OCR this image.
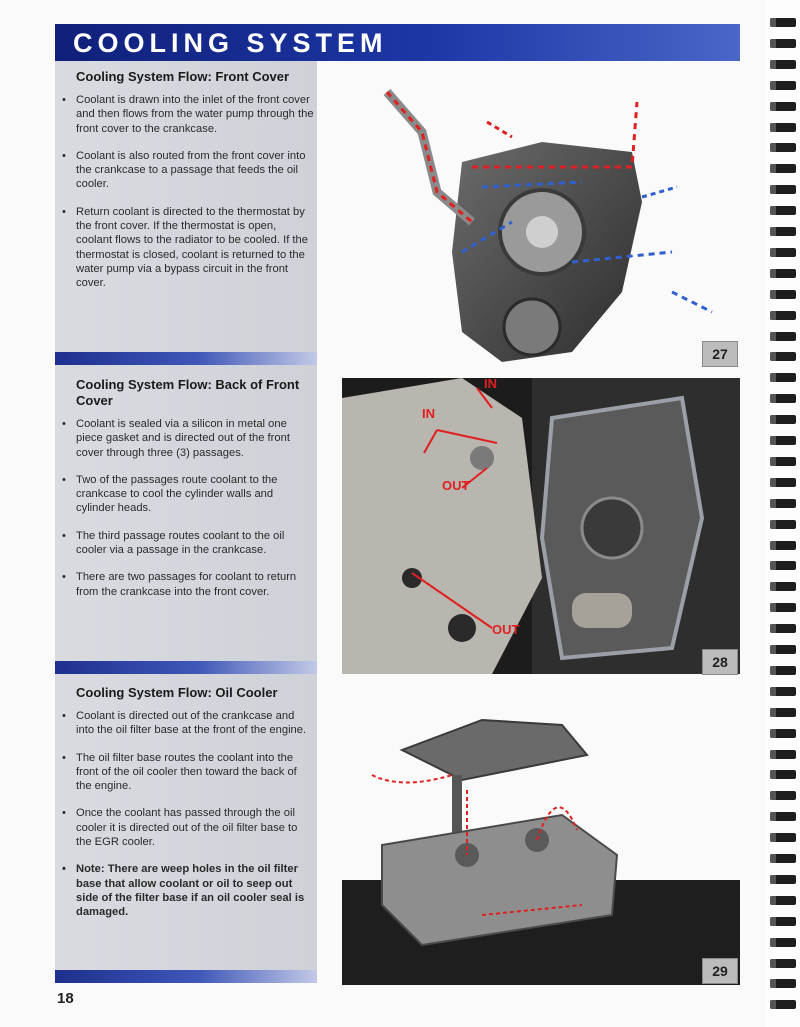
COOLING SYSTEM
Cooling System Flow: Front Cover
• Coolant is drawn into the inlet of the front cover and then flows from the water pump through the front cover to the crankcase.
• Coolant is also routed from the front cover into the crankcase to a passage that feeds the oil cooler.
• Return coolant is directed to the thermostat by the front cover. If the thermostat is open, coolant flows to the radiator to be cooled. If the thermostat is closed, coolant is returned to the water pump via a bypass circuit in the front cover.
Cooling System Flow: Back of Front Cover
• Coolant is sealed via a silicon in metal one piece gasket and is directed out of the front cover through three (3) passages.
• Two of the passages route coolant to the crankcase to cool the cylinder walls and cylinder heads.
• The third passage routes coolant to the oil cooler via a passage in the crankcase.
• There are two passages for coolant to return from the crankcase into the front cover.
Cooling System Flow: Oil Cooler
• Coolant is directed out of the crankcase and into the oil filter base at the front of the engine.
• The oil filter base routes the coolant into the front of the oil cooler then toward the back of the engine.
• Once the coolant has passed through the oil cooler it is directed out of the oil filter base to the EGR cooler.
• Note: There are weep holes in the oil filter base that allow coolant or oil to seep out side of the filter base if an oil cooler seal is damaged.
27
IN
IN
OUT
OUT
28
29
18
